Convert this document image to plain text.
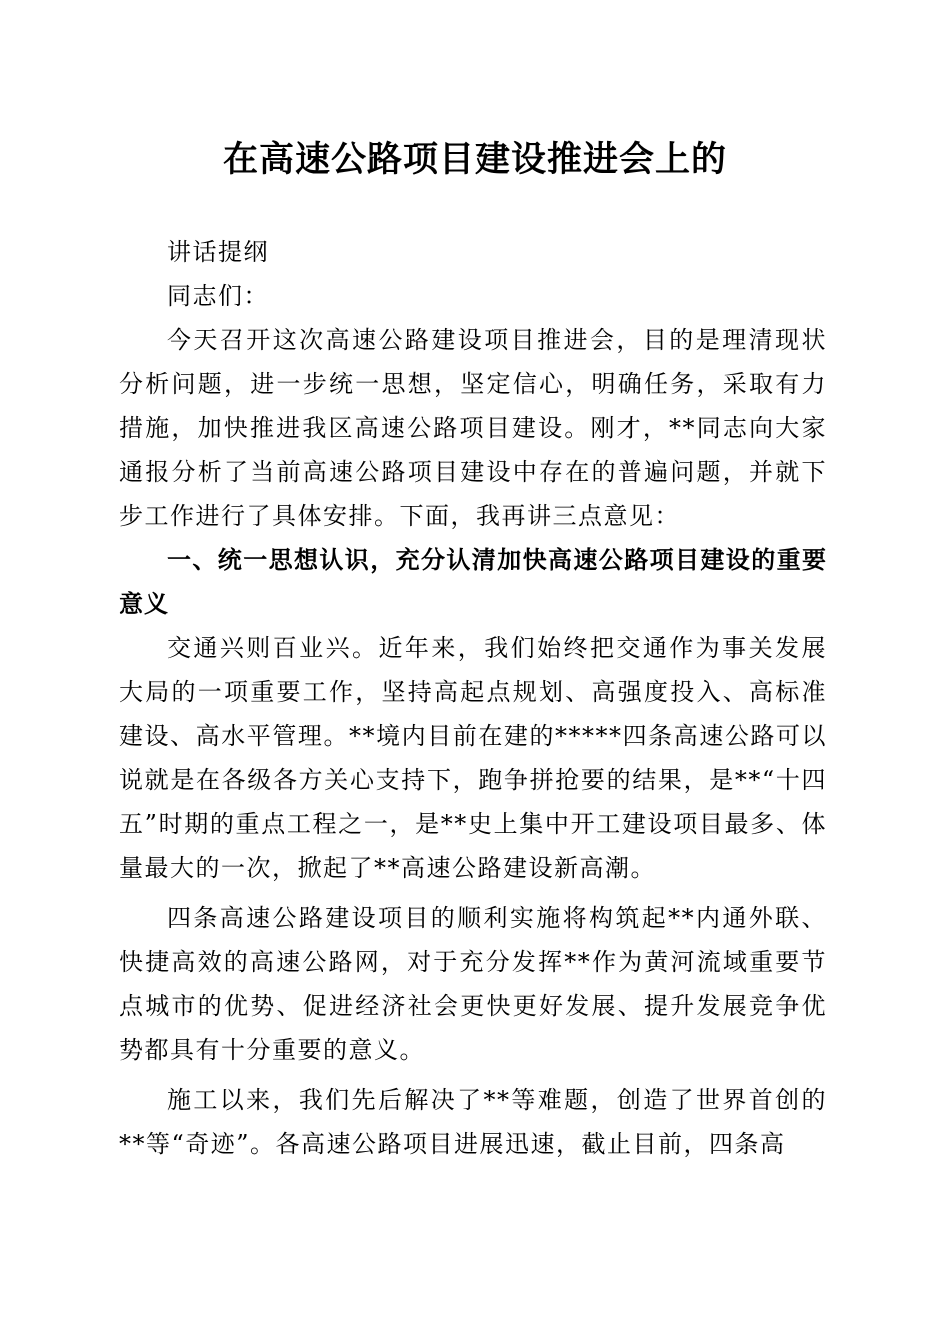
在高速公路项目建设推进会上的

讲话提纲

同志们：

今天召开这次高速公路建设项目推进会，目的是理清现状分析问题，进一步统一思想，坚定信心，明确任务，采取有力措施，加快推进我区高速公路项目建设。刚才，**同志向大家通报分析了当前高速公路项目建设中存在的普遍问题，并就下步工作进行了具体安排。下面，我再讲三点意见：

一、统一思想认识，充分认清加快高速公路项目建设的重要意义

交通兴则百业兴。近年来，我们始终把交通作为事关发展大局的一项重要工作，坚持高起点规划、高强度投入、高标准建设、高水平管理。**境内目前在建的*****四条高速公路可以说就是在各级各方关心支持下，跑争拼抢要的结果，是**“十四五”时期的重点工程之一，是**史上集中开工建设项目最多、体量最大的一次，掀起了**高速公路建设新高潮。

四条高速公路建设项目的顺利实施将构筑起**内通外联、快捷高效的高速公路网，对于充分发挥**作为黄河流域重要节点城市的优势、促进经济社会更快更好发展、提升发展竞争优势都具有十分重要的意义。

施工以来，我们先后解决了**等难题，创造了世界首创的**等“奇迹”。各高速公路项目进展迅速，截止目前，四条高
